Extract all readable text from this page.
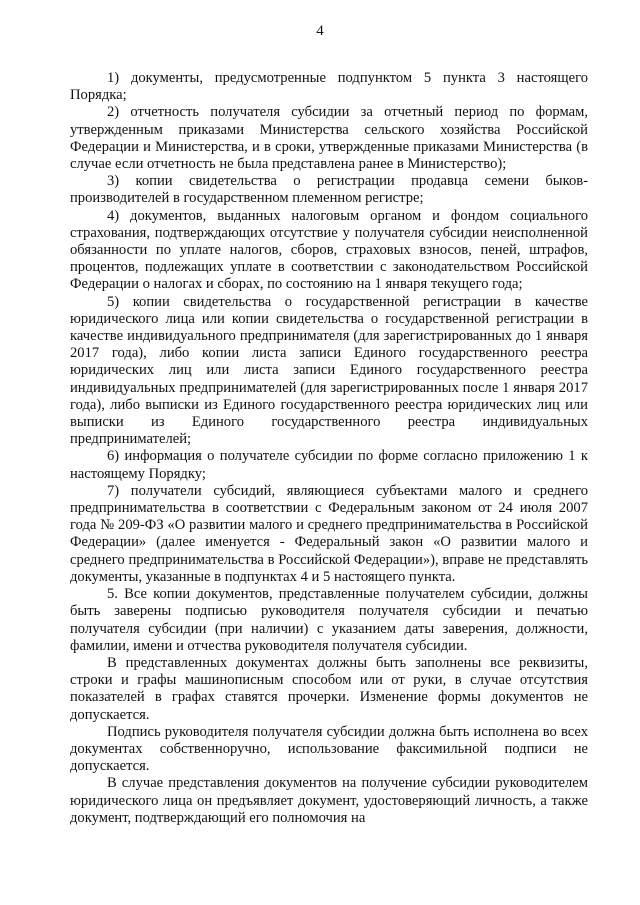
4

1) документы, предусмотренные подпунктом 5 пункта 3 настоящего Порядка;

2) отчетность получателя субсидии за отчетный период по формам, утвержденным приказами Министерства сельского хозяйства Российской Федерации и Министерства, и в сроки, утвержденные приказами Министерства (в случае если отчетность не была представлена ранее в Министерство);

3) копии свидетельства о регистрации продавца семени быков-производителей в государственном племенном регистре;

4) документов, выданных налоговым органом и фондом социального страхования, подтверждающих отсутствие у получателя субсидии неисполненной обязанности по уплате налогов, сборов, страховых взносов, пеней, штрафов, процентов, подлежащих уплате в соответствии с законодательством Российской Федерации о налогах и сборах, по состоянию на 1 января текущего года;

5) копии свидетельства о государственной регистрации в качестве юридического лица или копии свидетельства о государственной регистрации в качестве индивидуального предпринимателя (для зарегистрированных до 1 января 2017 года), либо копии листа записи Единого государственного реестра юридических лиц или листа записи Единого государственного реестра индивидуальных предпринимателей (для зарегистрированных после 1 января 2017 года), либо выписки из Единого государственного реестра юридических лиц или выписки из Единого государственного реестра индивидуальных предпринимателей;

6) информация о получателе субсидии по форме согласно приложению 1 к настоящему Порядку;

7) получатели субсидий, являющиеся субъектами малого и среднего предпринимательства в соответствии с Федеральным законом от 24 июля 2007 года № 209-ФЗ «О развитии малого и среднего предпринимательства в Российской Федерации» (далее именуется - Федеральный закон «О развитии малого и среднего предпринимательства в Российской Федерации»), вправе не представлять документы, указанные в подпунктах 4 и 5 настоящего пункта.

5. Все копии документов, представленные получателем субсидии, должны быть заверены подписью руководителя получателя субсидии и печатью получателя субсидии (при наличии) с указанием даты заверения, должности, фамилии, имени и отчества руководителя получателя субсидии.

В представленных документах должны быть заполнены все реквизиты, строки и графы машинописным способом или от руки, в случае отсутствия показателей в графах ставятся прочерки. Изменение формы документов не допускается.

Подпись руководителя получателя субсидии должна быть исполнена во всех документах собственноручно, использование факсимильной подписи не допускается.

В случае представления документов на получение субсидии руководителем юридического лица он предъявляет документ, удостоверяющий личность, а также документ, подтверждающий его полномочия на
